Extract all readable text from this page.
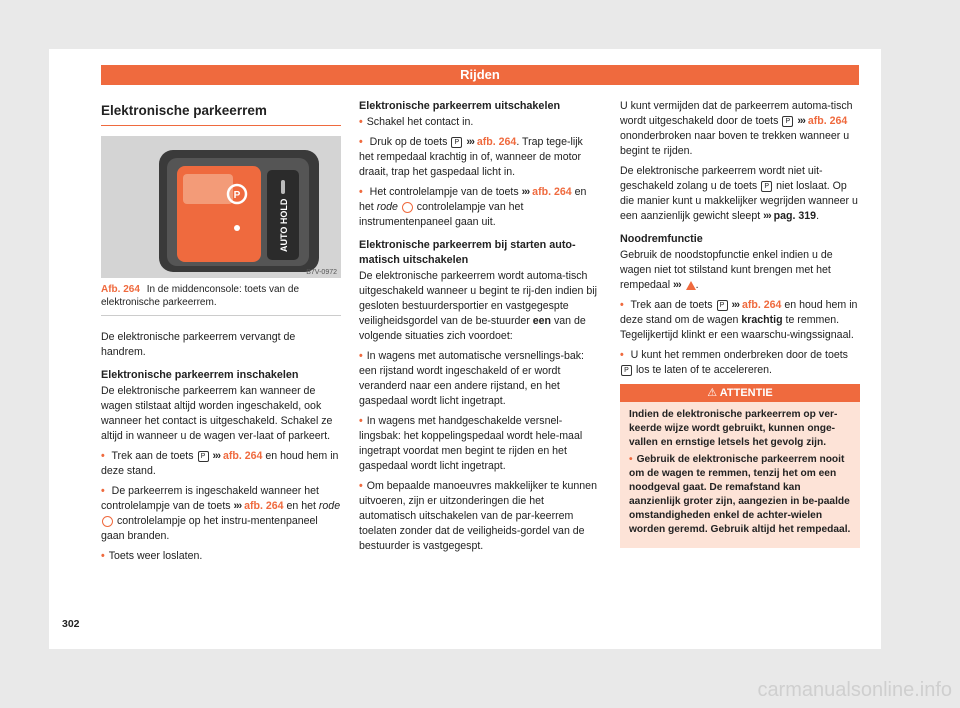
Rijden
Elektronische parkeerrem
P
AUTO HOLD
B7V-0972
Afb. 264 In de middenconsole: toets van de elektronische parkeerrem.

De elektronische parkeerrem vervangt de handrem.

Elektronische parkeerrem inschakelen

De elektronische parkeerrem kan wanneer de wagen stilstaat altijd worden ingeschakeld, ook wanneer het contact is uitgeschakeld. Schakel ze altijd in wanneer u de wagen ver-laat of parkeert.

• Trek aan de toets P ››› afb. 264 en houd hem in deze stand.

• De parkeerrem is ingeschakeld wanneer het controlelampje van de toets ››› afb. 264 en het rode  controlelampje op het instru-mentenpaneel gaan branden.

• Toets weer loslaten.

Elektronische parkeerrem uitschakelen

• Schakel het contact in.

• Druk op de toets P ››› afb. 264. Trap tege-lijk het rempedaal krachtig in of, wanneer de motor draait, trap het gaspedaal licht in.

• Het controlelampje van de toets ››› afb. 264 en het rode controlelampje van het instrumentenpaneel gaan uit.

Elektronische parkeerrem bij starten auto-matisch uitschakelen

De elektronische parkeerrem wordt automa-tisch uitgeschakeld wanneer u begint te rij-den indien bij gesloten bestuurdersportier en vastgegespte veiligheidsgordel van de be-stuurder een van de volgende situaties zich voordoet:

• In wagens met automatische versnellings-bak: een rijstand wordt ingeschakeld of er wordt veranderd naar een andere rijstand, en het gaspedaal wordt licht ingetrapt.

• In wagens met handgeschakelde versnel-lingsbak: het koppelingspedaal wordt hele-maal ingetrapt voordat men begint te rijden en het gaspedaal wordt licht ingetrapt.

• Om bepaalde manoeuvres makkelijker te kunnen uitvoeren, zijn er uitzonderingen die het automatisch uitschakelen van de par-keerrem toelaten zonder dat de veiligheids-gordel van de bestuurder is vastgegespt.

U kunt vermijden dat de parkeerrem automa-tisch wordt uitgeschakeld door de toets P ››› afb. 264 ononderbroken naar boven te trekken wanneer u begint te rijden.

De elektronische parkeerrem wordt niet uit-geschakeld zolang u de toets P niet loslaat. Op die manier kunt u makkelijker wegrijden wanneer u een aanzienlijk gewicht sleept ››› pag. 319.

Noodremfunctie

Gebruik de noodstopfunctie enkel indien u de wagen niet tot stilstand kunt brengen met het rempedaal ››› .

• Trek aan de toets P ››› afb. 264 en houd hem in deze stand om de wagen krachtig te remmen. Tegelijkertijd klinkt er een waarschu-wingssignaal.

• U kunt het remmen onderbreken door de toets P los te laten of te accelereren.

⚠ ATTENTIE

Indien de elektronische parkeerrem op ver-keerde wijze wordt gebruikt, kunnen onge-vallen en ernstige letsels het gevolg zijn.

• Gebruik de elektronische parkeerrem nooit om de wagen te remmen, tenzij het om een noodgeval gaat. De remafstand kan aanzienlijk groter zijn, aangezien in be-paalde omstandigheden enkel de achter-wielen worden geremd. Gebruik altijd het rempedaal.

302
carmanualsonline.info
